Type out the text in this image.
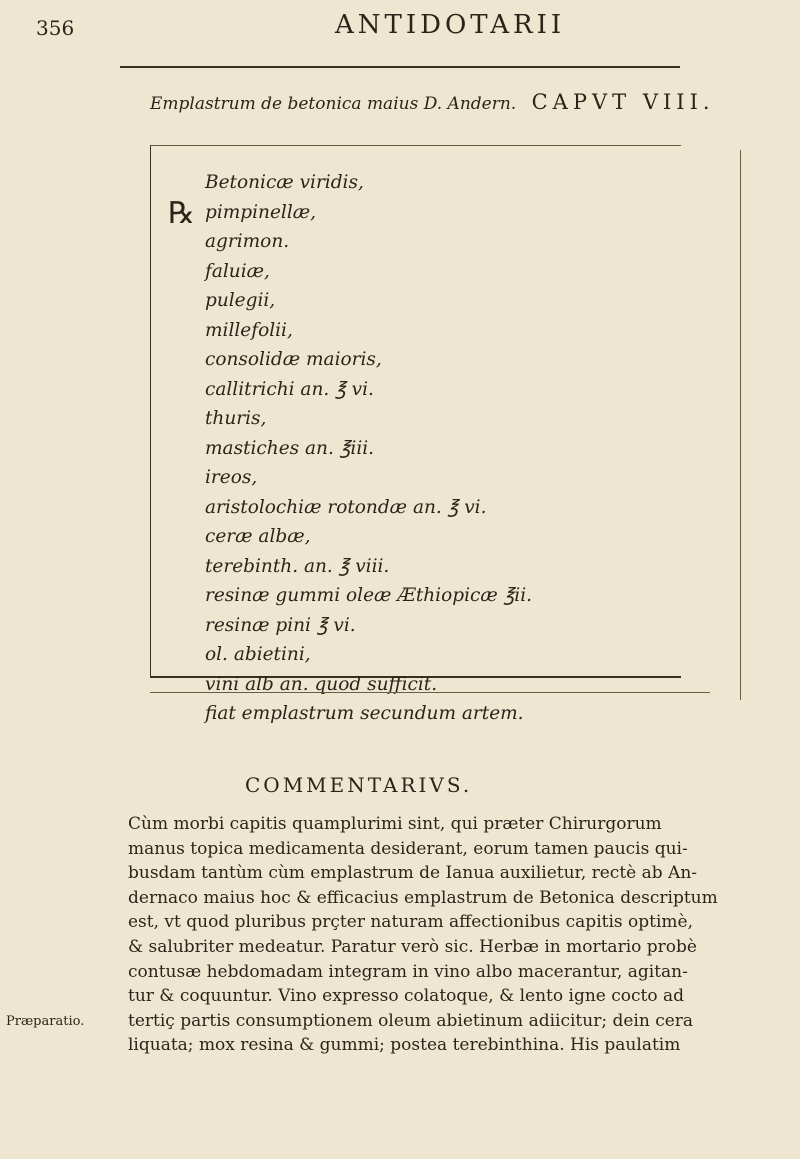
356	ANTIDOTARII
Emplastrum de betonica maius D. Andern. CAPVT VIII.
℞
Betonicæ viridis,
pimpinellæ,
agrimon.
faluiæ,
pulegii,
millefolii,
consolidæ maioris,
callitrichi an. ℥ vi.
thuris,
mastiches an. ℥iii.
ireos,
aristolochiæ rotondæ an. ℥ vi.
ceræ albæ,
terebinth. an. ℥ viii.
resinæ gummi oleæ Æthiopicæ ℥ii.
resinæ pini ℥ vi.
ol. abietini,
vini alb an. quod sufficit.
fiat emplastrum secundum artem.
COMMENTARIVS.
Præparatio.
Cùm morbi capitis quamplurimi sint, qui præter Chirurgorum
manus topica medicamenta desiderant, eorum tamen paucis qui-
busdam tantùm cùm emplastrum de Ianua auxilietur, rectè ab An-
dernaco maius hoc & efficacius emplastrum de Betonica descriptum
est, vt quod pluribus prçter naturam affectionibus capitis optimè,
& salubriter medeatur. Paratur verò sic. Herbæ in mortario probè
contusæ hebdomadam integram in vino albo macerantur, agitan-
tur & coquuntur. Vino expresso colatoque, & lento igne cocto ad
tertiç partis consumptionem oleum abietinum adiicitur; dein cera
liquata; mox resina & gummi; postea terebinthina. His paulatim
